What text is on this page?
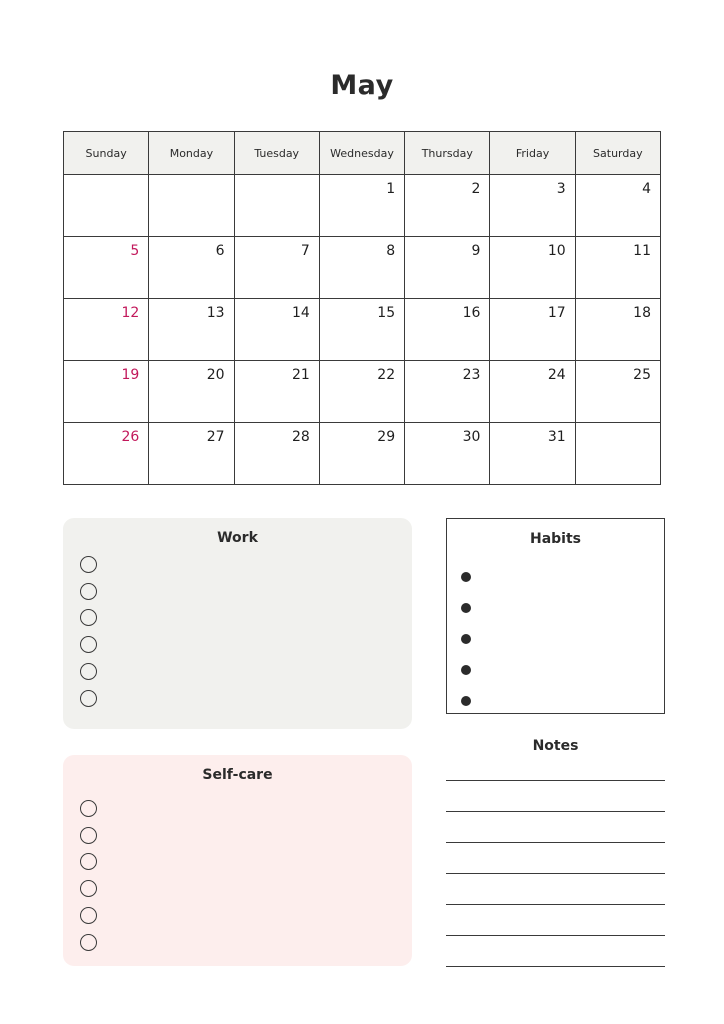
May
Sunday	Monday	Tuesday	Wednesday	Thursday	Friday	Saturday
			1	2	3	4
5	6	7	8	9	10	11
12	13	14	15	16	17	18
19	20	21	22	23	24	25
26	27	28	29	30	31	
Work
Self-care
Habits
Notes
